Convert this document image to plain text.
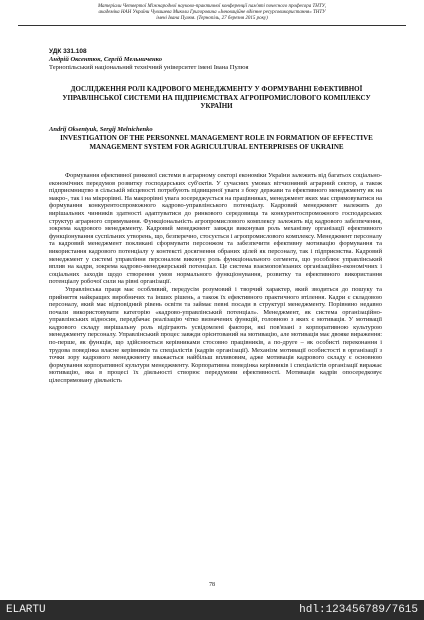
Матеріали Четвертої Міжнародної науково-практичної конференції пам'яті почесного професора ТНТУ,
академіка НАН України Чувашева Миколи Григоровича «Інноваційне вдієнне ресурсовикористання» ТНТУ
імені Івана Пулюя. (Тернопіль, 27 березня 2015 року)
УДК 331.108
Андрій Оксентюк, Сергій Мельниченко
Тернопільський національний технічний університет імені Івана Пулюя
ДОСЛІДЖЕННЯ РОЛІ КАДРОВОГО МЕНЕДЖМЕНТУ У ФОРМУВАННІ ЕФЕКТИВНОЇ УПРАВЛІНСЬКОЇ СИСТЕМИ НА ПІДПРИЄМСТВАХ АГРОПРОМИСЛОВОГО КОМПЛЕКСУ УКРАЇНИ
Andrij Oksentyuk, Sergij Melnichenko
INVESTIGATION OF THE PERSONNEL MANAGEMENT ROLE IN FORMATION OF EFFECTIVE MANAGEMENT SYSTEM FOR AGRICULTURAL ENTERPRISES OF UKRAINE

Формування ефективної ринкової системи в аграрному секторі економіки України залежить від багатьох соціально-економічних передумов розвитку господарських суб'єктів. У сучасних умовах вітчизняний аграрний сектор, а також підприємництво в сільській місцевості потребують підвищеної уваги з боку держави та ефективного менеджменту як на макро-, так і на мікрорівні. На макрорівні увага зосереджується на працівниках, менеджмент яких має спрямовуватися на формування конкурентоспроможного кадрово-управлінського потенціалу. Кадровий менеджмент належить до вирішальних чинників здатності адаптуватися до ринкового середовища та конкурентоспроможного господарських структур аграрного спрямування. Функціональність агропромислового комплексу залежить від кадрового забезпечення, зокрема кадрового менеджменту. Кадровий менеджмент завжди виконував роль механізму організації ефективного функціонування суспільних утворень, що, безперечно, стосується і агропромислового комплексу. Менеджмент персоналу та кадровий менеджмент покликані сформувати персонжом та забезпечити ефективну мотивацію формування та використання кадрового потенціалу у контексті досягнення обраних цілей як персоналу, так і підприємства. Кадровий менеджмент у системі управління персоналом виконує роль функціонального сегмента, що уособлює управлінський вплив на кадри, зокрема кадрово-менеджерський потенціал. Це система взаємопов'язаних організаційно-економічних і соціальних заходів щодо створення умов нормального функціонування, розвитку та ефективного використання потенціалу робочої сили на рівні організації.

Управлінська праця має особливий, передусім розумовий і творчий характер, який зводиться до пошуку та прийняття найкращих виробничих та інших рішень, а також їх ефективного практичного втілення. Кадри є складовою персоналу, який має відповідний рівень освіти та займає певні посади в структурі менеджменту. Порівняно недавно почали використовувати категорію «кадрово-управлінський потенціал». Менеджмент, як система організаційно-управлінських відносин, передбачає реалізацію чітко визначених функцій, головною з яких є мотивація. У мотивації кадрового складу вирішальну роль відіграють усвідомлені фактори, які пов'язані з корпоративною культурою менеджменту персоналу. Управлінський процес завжди орієнтований на мотивацію, але мотивація має двояке вираження: по-перше, як функція, що здійснюється керівниками стосовно працівників, а по-друге – як особисті переконання і трудова поведінка власне керівників та спеціалістів (кадрів організації). Механізм мотивації особистості в організації з точки зору кадрового менеджменту вважається найбільш впливовим, адже мотивація кадрового складу є основною формування корпоративної культури менеджменту. Корпоративна поведінка керівників і спеціалістів організації виражає мотивацію, яка в процесі їх діяльності створює передумови ефективності. Мотивація кадрів опосередковує цілеспрямовану діяльність

78
ELARTU	hdl:123456789/7615
